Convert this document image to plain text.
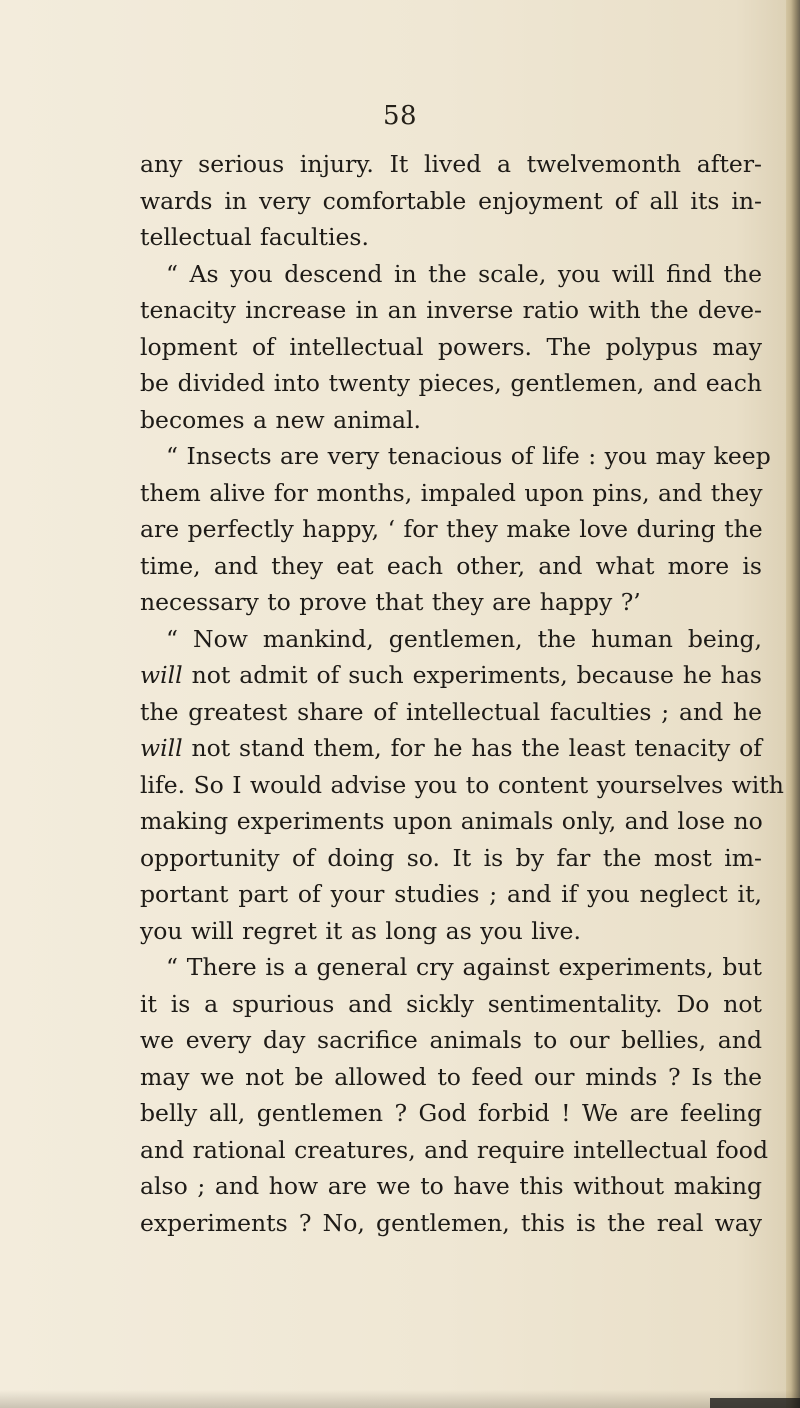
58
any serious injury. It lived a twelvemonth after-
wards in very comfortable enjoyment of all its in-
tellectual faculties.
“ As you descend in the scale, you will find the
tenacity increase in an inverse ratio with the deve-
lopment of intellectual powers. The polypus may
be divided into twenty pieces, gentlemen, and each
becomes a new animal.
“ Insects are very tenacious of life : you may keep
them alive for months, impaled upon pins, and they
are perfectly happy, ‘ for they make love during the
time, and they eat each other, and what more is
necessary to prove that they are happy ?’
“ Now mankind, gentlemen, the human being,
will not admit of such experiments, because he has
the greatest share of intellectual faculties ; and he
will not stand them, for he has the least tenacity of
life. So I would advise you to content yourselves with
making experiments upon animals only, and lose no
opportunity of doing so. It is by far the most im-
portant part of your studies ; and if you neglect it,
you will regret it as long as you live.
“ There is a general cry against experiments, but
it is a spurious and sickly sentimentality. Do not
we every day sacrifice animals to our bellies, and
may we not be allowed to feed our minds ? Is the
belly all, gentlemen ? God forbid ! We are feeling
and rational creatures, and require intellectual food
also ; and how are we to have this without making
experiments ? No, gentlemen, this is the real way
